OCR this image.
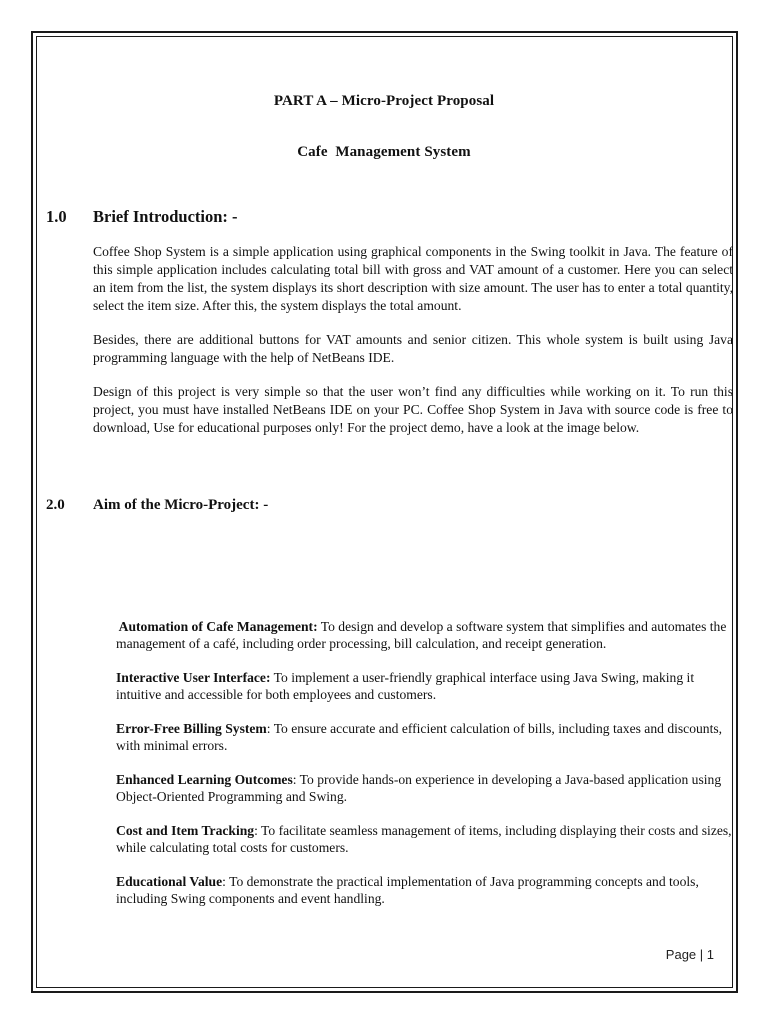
PART A – Micro-Project Proposal
Cafe  Management System
1.0 Brief Introduction: -
Coffee Shop System is a simple application using graphical components in the Swing toolkit in Java. The feature of this simple application includes calculating total bill with gross and VAT amount of a customer. Here you can select an item from the list, the system displays its short description with size amount. The user has to enter a total quantity, select the item size. After this, the system displays the total amount.
Besides, there are additional buttons for VAT amounts and senior citizen. This whole system is built using Java programming language with the help of NetBeans IDE.
Design of this project is very simple so that the user won’t find any difficulties while working on it. To run this project, you must have installed NetBeans IDE on your PC. Coffee Shop System in Java with source code is free to download, Use for educational purposes only! For the project demo, have a look at the image below.
2.0 Aim of the Micro-Project: -
Automation of Cafe Management: To design and develop a software system that simplifies and automates the management of a café, including order processing, bill calculation, and receipt generation.
Interactive User Interface: To implement a user-friendly graphical interface using Java Swing, making it intuitive and accessible for both employees and customers.
Error-Free Billing System: To ensure accurate and efficient calculation of bills, including taxes and discounts, with minimal errors.
Enhanced Learning Outcomes: To provide hands-on experience in developing a Java-based application using Object-Oriented Programming and Swing.
Cost and Item Tracking: To facilitate seamless management of items, including displaying their costs and sizes, while calculating total costs for customers.
Educational Value: To demonstrate the practical implementation of Java programming concepts and tools, including Swing components and event handling.
Page | 1
